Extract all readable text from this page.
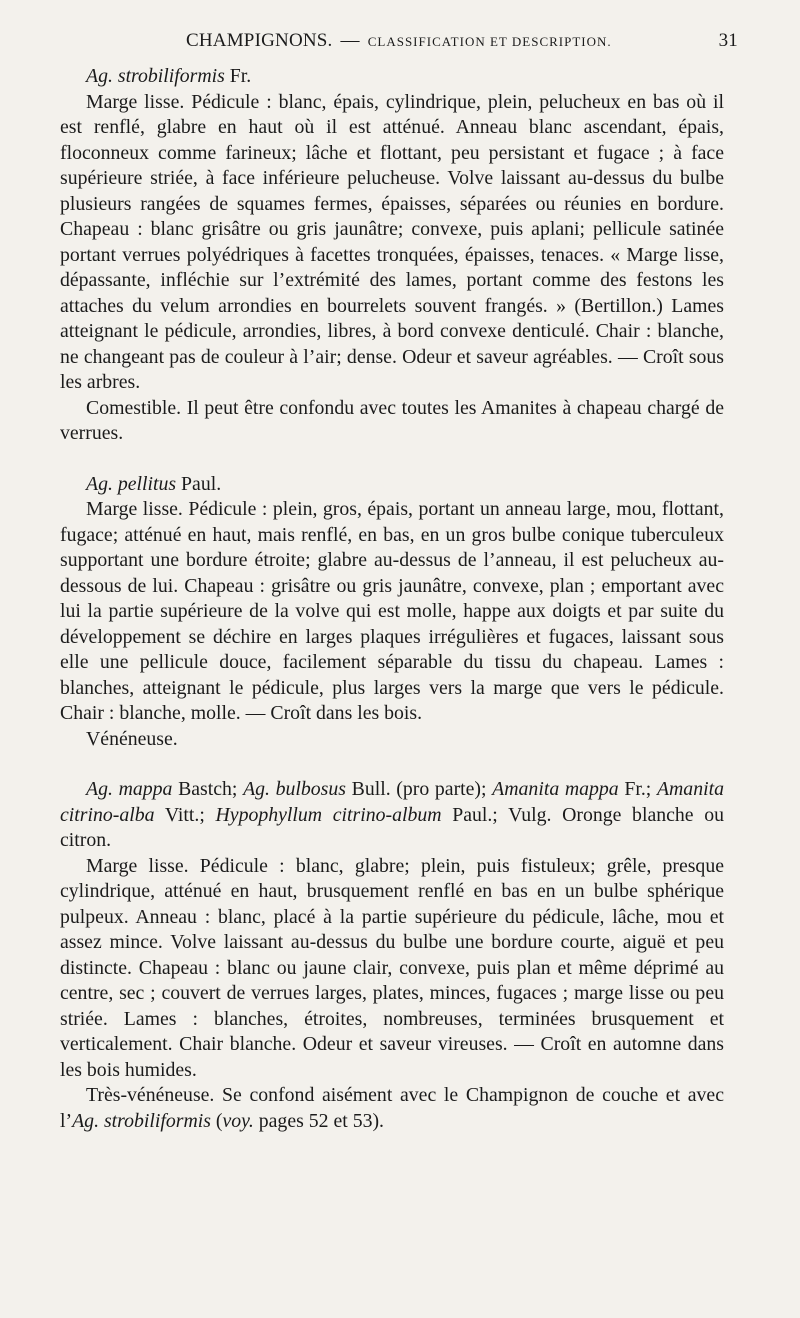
CHAMPIGNONS. — CLASSIFICATION ET DESCRIPTION.	31

Ag. strobiliformis Fr.

Marge lisse. Pédicule : blanc, épais, cylindrique, plein, pelucheux en bas où il est renflé, glabre en haut où il est atténué. Anneau blanc ascendant, épais, floconneux comme farineux; lâche et flottant, peu persistant et fugace ; à face supérieure striée, à face inférieure pelucheuse. Volve laissant au-dessus du bulbe plusieurs rangées de squames fermes, épaisses, séparées ou réunies en bordure. Chapeau : blanc grisâtre ou gris jaunâtre; convexe, puis aplani; pellicule satinée portant verrues polyédriques à facettes tronquées, épaisses, tenaces. « Marge lisse, dépassante, infléchie sur l’extrémité des lames, portant comme des festons les attaches du velum arrondies en bourrelets souvent frangés. » (Bertillon.) Lames atteignant le pédicule, arrondies, libres, à bord convexe denticulé. Chair : blanche, ne changeant pas de couleur à l’air; dense. Odeur et saveur agréables. — Croît sous les arbres.

Comestible. Il peut être confondu avec toutes les Amanites à chapeau chargé de verrues.

Ag. pellitus Paul.

Marge lisse. Pédicule : plein, gros, épais, portant un anneau large, mou, flottant, fugace; atténué en haut, mais renflé, en bas, en un gros bulbe conique tuberculeux supportant une bordure étroite; glabre au-dessus de l’anneau, il est pelucheux au-dessous de lui. Chapeau : grisâtre ou gris jaunâtre, convexe, plan ; emportant avec lui la partie supérieure de la volve qui est molle, happe aux doigts et par suite du développement se déchire en larges plaques irrégulières et fugaces, laissant sous elle une pellicule douce, facilement séparable du tissu du chapeau. Lames : blanches, atteignant le pédicule, plus larges vers la marge que vers le pédicule. Chair : blanche, molle. — Croît dans les bois.

Vénéneuse.

Ag. mappa Bastch; Ag. bulbosus Bull. (pro parte); Amanita mappa Fr.; Amanita citrino-alba Vitt.; Hypophyllum citrino-album Paul.; Vulg. Oronge blanche ou citron.

Marge lisse. Pédicule : blanc, glabre; plein, puis fistuleux; grêle, presque cylindrique, atténué en haut, brusquement renflé en bas en un bulbe sphérique pulpeux. Anneau : blanc, placé à la partie supérieure du pédicule, lâche, mou et assez mince. Volve laissant au-dessus du bulbe une bordure courte, aiguë et peu distincte. Chapeau : blanc ou jaune clair, convexe, puis plan et même déprimé au centre, sec ; couvert de verrues larges, plates, minces, fugaces ; marge lisse ou peu striée. Lames : blanches, étroites, nombreuses, terminées brusquement et verticalement. Chair blanche. Odeur et saveur vireuses. — Croît en automne dans les bois humides.

Très-vénéneuse. Se confond aisément avec le Champignon de couche et avec l’Ag. strobiliformis (voy. pages 52 et 53).
